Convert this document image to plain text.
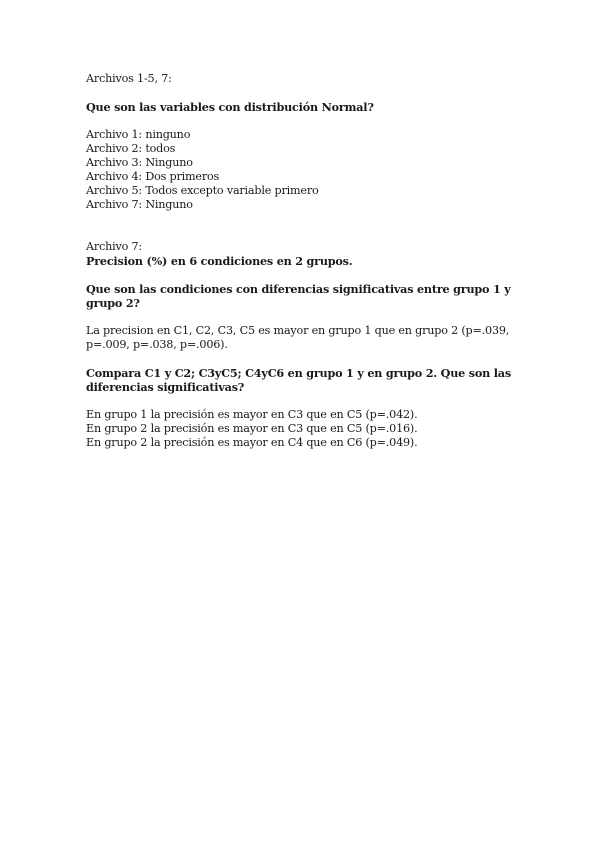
Archivos 1-5, 7:
Que son las variables con distribución Normal?
Archivo 1: ninguno
Archivo 2: todos
Archivo 3: Ninguno
Archivo 4: Dos primeros
Archivo 5: Todos excepto variable primero
Archivo 7: Ninguno
Archivo 7:
Precision (%) en 6 condiciones en 2 grupos.
Que son las condiciones con diferencias significativas entre grupo 1 y grupo 2?
La precision en C1, C2, C3, C5 es mayor en grupo 1 que en grupo 2 (p=.039, p=.009, p=.038, p=.006).
Compara C1 y C2; C3yC5; C4yC6 en grupo 1 y en grupo 2. Que son las diferencias significativas?
En grupo 1 la precisión es mayor en C3 que en C5 (p=.042).
En grupo 2 la precisión es mayor en C3 que en C5 (p=.016).
En grupo 2 la precisión es mayor en C4 que en C6 (p=.049).
